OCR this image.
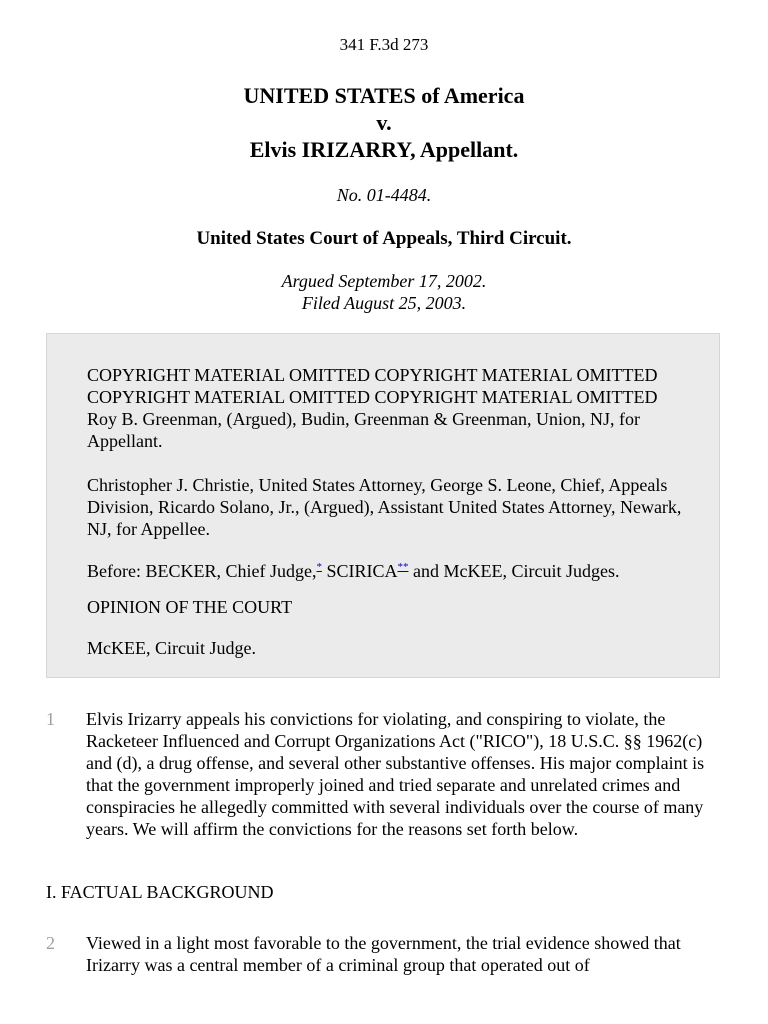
341 F.3d 273
UNITED STATES of America
v.
Elvis IRIZARRY, Appellant.
No. 01-4484.
United States Court of Appeals, Third Circuit.
Argued September 17, 2002.
Filed August 25, 2003.

COPYRIGHT MATERIAL OMITTED COPYRIGHT MATERIAL OMITTED COPYRIGHT MATERIAL OMITTED COPYRIGHT MATERIAL OMITTED Roy B. Greenman, (Argued), Budin, Greenman & Greenman, Union, NJ, for Appellant.

Christopher J. Christie, United States Attorney, George S. Leone, Chief, Appeals Division, Ricardo Solano, Jr., (Argued), Assistant United States Attorney, Newark, NJ, for Appellee.

Before: BECKER, Chief Judge,* SCIRICA** and McKEE, Circuit Judges.

OPINION OF THE COURT

McKEE, Circuit Judge.

1 Elvis Irizarry appeals his convictions for violating, and conspiring to violate, the Racketeer Influenced and Corrupt Organizations Act ("RICO"), 18 U.S.C. §§ 1962(c) and (d), a drug offense, and several other substantive offenses. His major complaint is that the government improperly joined and tried separate and unrelated crimes and conspiracies he allegedly committed with several individuals over the course of many years. We will affirm the convictions for the reasons set forth below.
I. FACTUAL BACKGROUND
2 Viewed in a light most favorable to the government, the trial evidence showed that Irizarry was a central member of a criminal group that operated out of
